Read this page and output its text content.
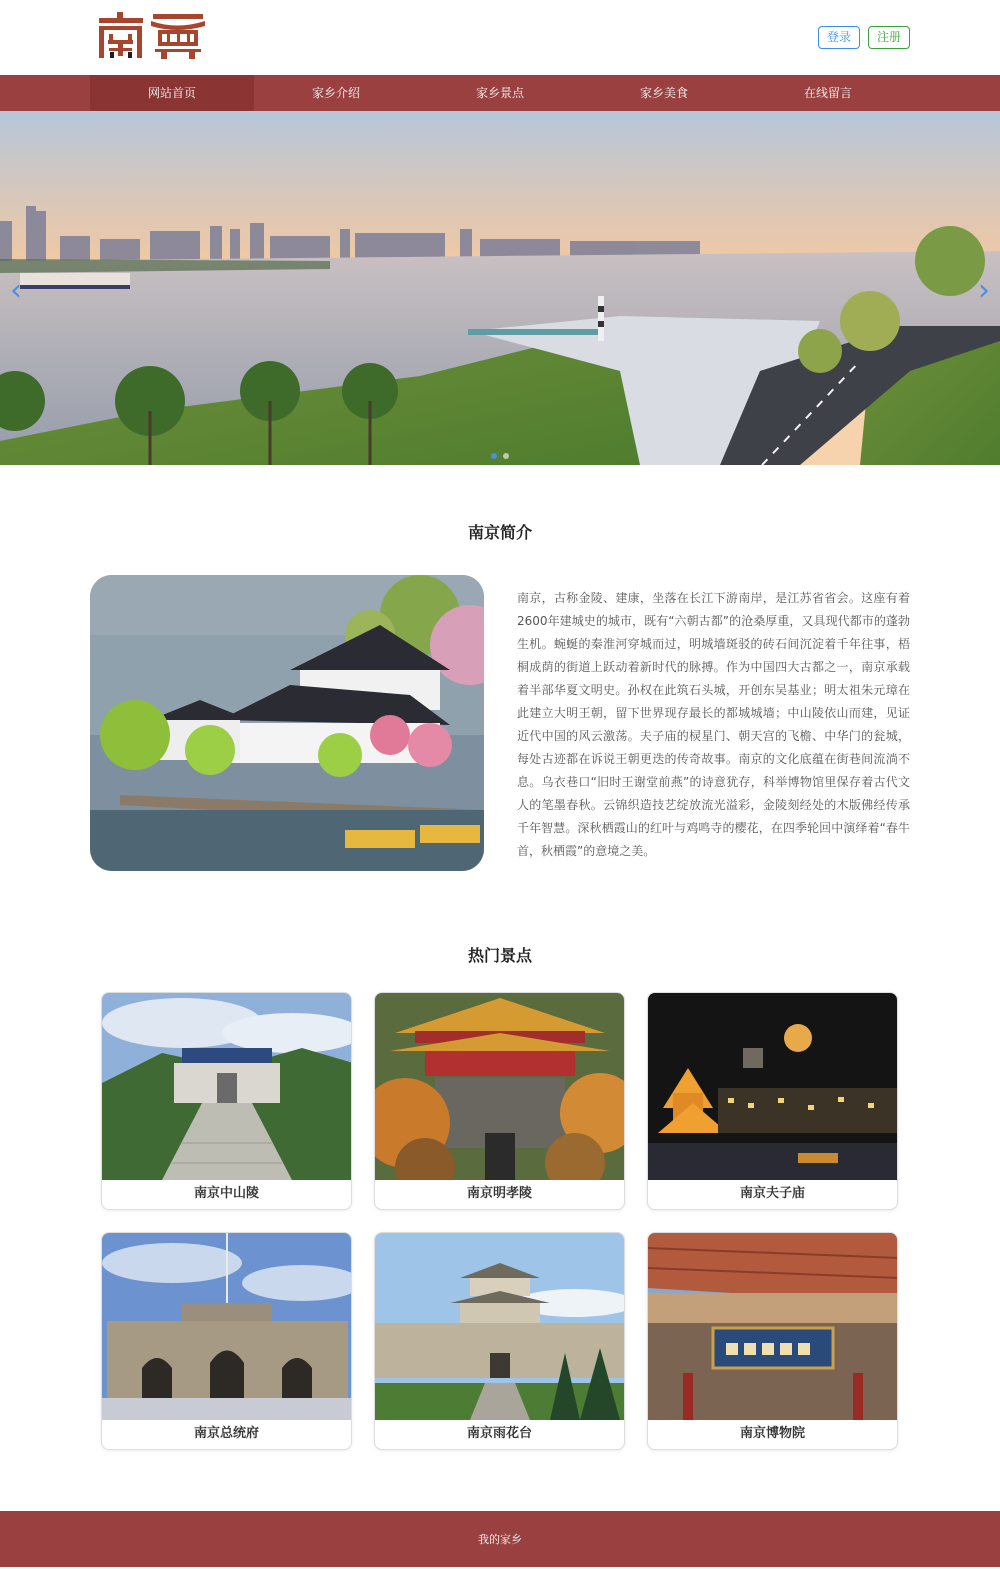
登录	注册
网站首页	家乡介绍	家乡景点	家乡美食	在线留言
‹	›
南京简介

南京，古称金陵、建康，坐落在长江下游南岸，是江苏省省会。这座有着2600年建城史的城市，既有“六朝古都”的沧桑厚重，又具现代都市的蓬勃生机。蜿蜒的秦淮河穿城而过，明城墙斑驳的砖石间沉淀着千年往事，梧桐成荫的街道上跃动着新时代的脉搏。作为中国四大古都之一，南京承载着半部华夏文明史。孙权在此筑石头城，开创东吴基业；明太祖朱元璋在此建立大明王朝，留下世界现存最长的都城城墙；中山陵依山而建，见证近代中国的风云激荡。夫子庙的棂星门、朝天宫的飞檐、中华门的瓮城，每处古迹都在诉说王朝更迭的传奇故事。南京的文化底蕴在街巷间流淌不息。乌衣巷口“旧时王谢堂前燕”的诗意犹存，科举博物馆里保存着古代文人的笔墨春秋。云锦织造技艺绽放流光溢彩，金陵刻经处的木版佛经传承千年智慧。深秋栖霞山的红叶与鸡鸣寺的樱花，在四季轮回中演绎着“春牛首，秋栖霞”的意境之美。

热门景点
南京中山陵	南京明孝陵	南京夫子庙
南京总统府	南京雨花台	南京博物院
我的家乡
